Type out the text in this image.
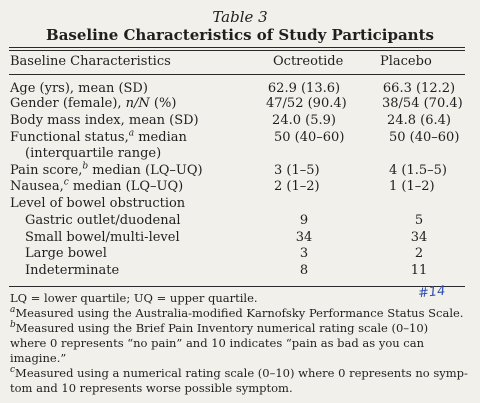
Table 3
Baseline Characteristics of Study Participants
Baseline Characteristics	Octreotide	Placebo
Age (yrs), mean (SD)	62.9 (13.6)	66.3 (12.2)
Gender (female), n/N (%)	47/52 (90.4)	38/54 (70.4)
Body mass index, mean (SD)	24.0 (5.9)	24.8 (6.4)
Functional status,$^a$ median	50 (40–60)	50 (40–60)
(interquartile range)
Pain score,$^b$ median (LQ–UQ)	3 (1–5)	4 (1.5–5)
Nausea,$^c$ median (LQ–UQ)	2 (1–2)	1 (1–2)
Level of bowel obstruction
Gastric outlet/duodenal	9	5
Small bowel/multi-level	34	34
Large bowel	3	2
Indeterminate	8	11
#14
LQ = lower quartile; UQ = upper quartile.
$^a$Measured using the Australia-modified Karnofsky Performance Status Scale.
$^b$Measured using the Brief Pain Inventory numerical rating scale (0–10)
where 0 represents “no pain” and 10 indicates “pain as bad as you can
imagine.”
$^c$Measured using a numerical rating scale (0–10) where 0 represents no symp-
tom and 10 represents worse possible symptom.
